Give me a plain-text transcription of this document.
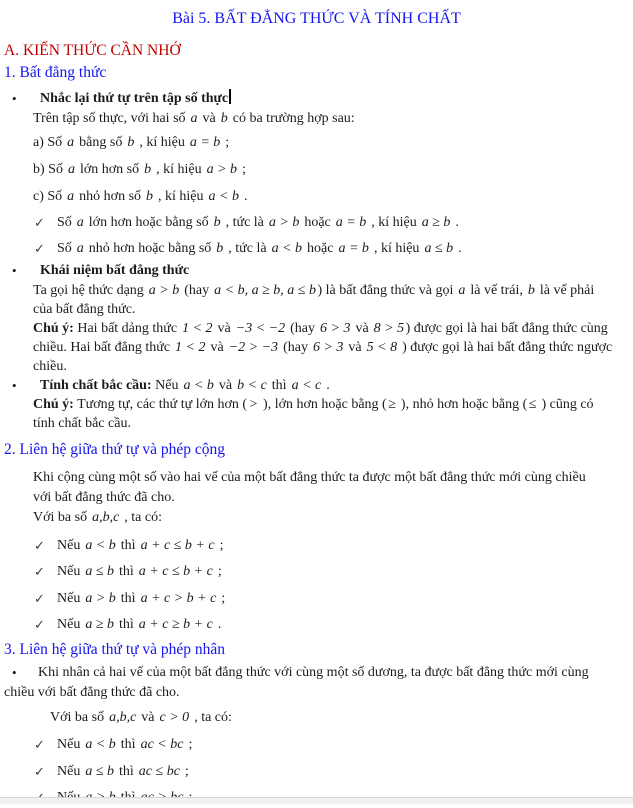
Bài 5. BẤT ĐẲNG THỨC VÀ TÍNH CHẤT
A. KIẾN THỨC CẦN NHỚ
1. Bất đẳng thức
• Nhắc lại thứ tự trên tập số thực
Trên tập số thực, với hai số a và b có ba trường hợp sau:
a) Số a bằng số b , kí hiệu a = b ;
b) Số a lớn hơn số b , kí hiệu a > b ;
c) Số a nhỏ hơn số b , kí hiệu a < b .
✓ Số a lớn hơn hoặc bằng số b , tức là a > b hoặc a = b , kí hiệu a ≥ b .
✓ Số a nhỏ hơn hoặc bằng số b , tức là a < b hoặc a = b , kí hiệu a ≤ b .
• Khái niệm bất đẳng thức
Ta gọi hệ thức dạng a > b (hay a < b, a ≥ b, a ≤ b ) là bất đẳng thức và gọi a là vế trái, b là vế phải
của bất đẳng thức.
Chú ý: Hai bất dảng thức 1 < 2 và −3 < −2 (hay 6 > 3 và 8 > 5 ) được gọi là hai bất đẳng thức cùng
chiều. Hai bất đẳng thức 1 < 2 và −2 > −3 (hay 6 > 3 và 5 < 8 ) được gọi là hai bất đẳng thức ngược
chiều.
• Tính chất bắc cầu: Nếu a < b và b < c thì a < c .
Chú ý: Tương tự, các thứ tự lớn hơn ( > ), lớn hơn hoặc bằng ( ≥ ), nhỏ hơn hoặc bằng ( ≤ ) cũng có
tính chất bắc cầu.
2. Liên hệ giữa thứ tự và phép cộng
Khi cộng cùng một số vào hai vế của một bất đẳng thức ta được một bất đẳng thức mới cùng chiều
với bất đẳng thức đã cho.
Với ba số a,b,c , ta có:
✓ Nếu a < b thì a + c ≤ b + c ;
✓ Nếu a ≤ b thì a + c ≤ b + c ;
✓ Nếu a > b thì a + c > b + c ;
✓ Nếu a ≥ b thì a + c ≥ b + c .
3. Liên hệ giữa thứ tự và phép nhân
• Khi nhân cả hai vế của một bất đẳng thức với cùng một số dương, ta được bất đẳng thức mới cùng
chiều với bất đẳng thức đã cho.
Với ba số a,b,c và c > 0 , ta có:
✓ Nếu a < b thì ac < bc ;
✓ Nếu a ≤ b thì ac ≤ bc ;
